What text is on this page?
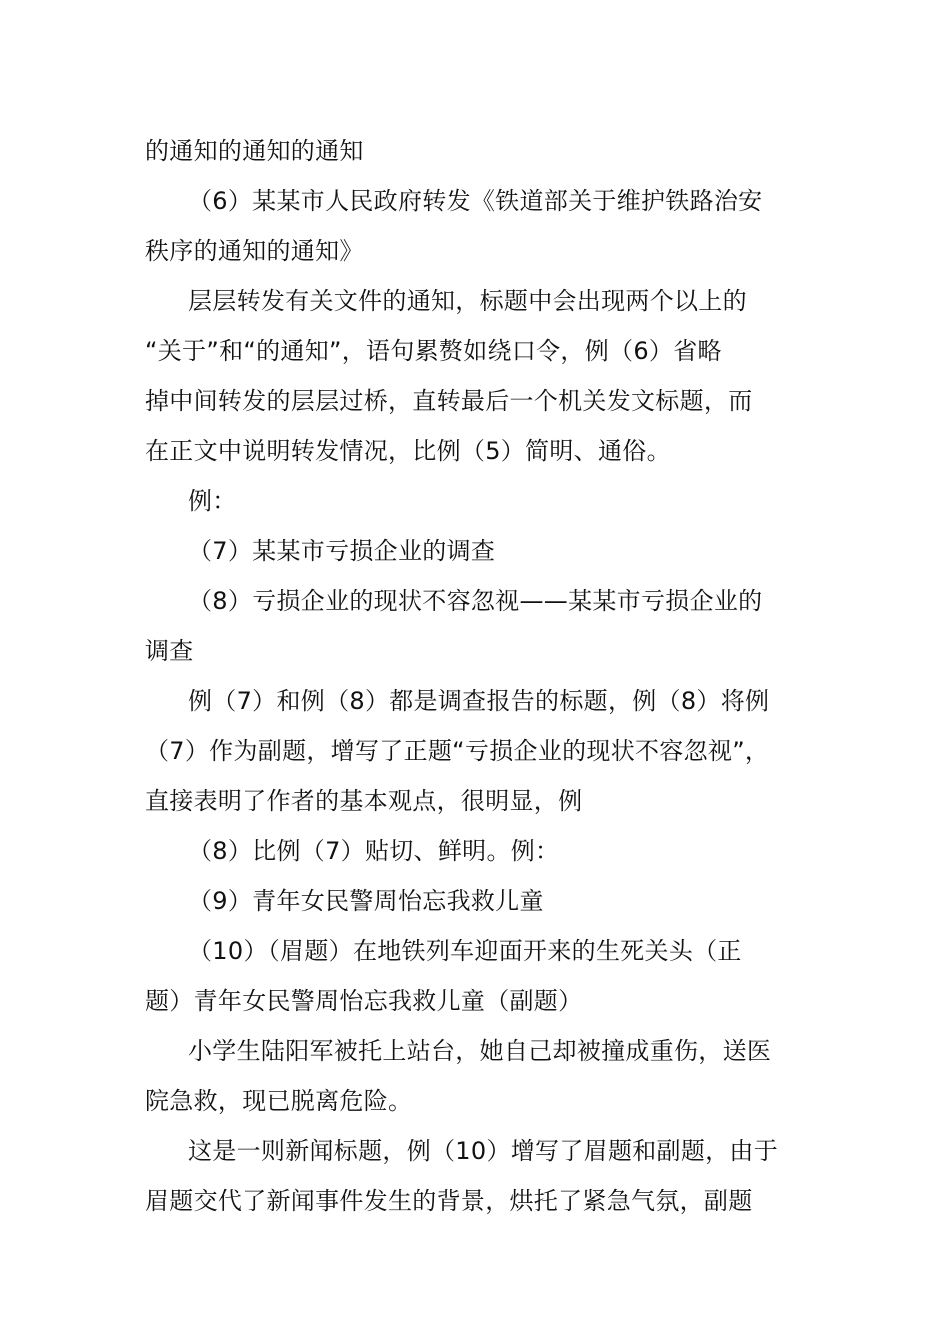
的通知的通知的通知
（6）某某市人民政府转发《铁道部关于维护铁路治安
秩序的通知的通知》
层层转发有关文件的通知，标题中会出现两个以上的
“关于”和“的通知”，语句累赘如绕口令，例（6）省略
掉中间转发的层层过桥，直转最后一个机关发文标题，而
在正文中说明转发情况，比例（5）简明、通俗。
例：
（7）某某市亏损企业的调查
（8）亏损企业的现状不容忽视——某某市亏损企业的
调查
例（7）和例（8）都是调查报告的标题，例（8）将例
（7）作为副题，增写了正题“亏损企业的现状不容忽视”，
直接表明了作者的基本观点，很明显，例
（8）比例（7）贴切、鲜明。例：
（9）青年女民警周怡忘我救儿童
（10）（眉题）在地铁列车迎面开来的生死关头（正
题）青年女民警周怡忘我救儿童（副题）
小学生陆阳军被托上站台，她自己却被撞成重伤，送医
院急救，现已脱离危险。
这是一则新闻标题，例（10）增写了眉题和副题，由于
眉题交代了新闻事件发生的背景，烘托了紧急气氛，副题
